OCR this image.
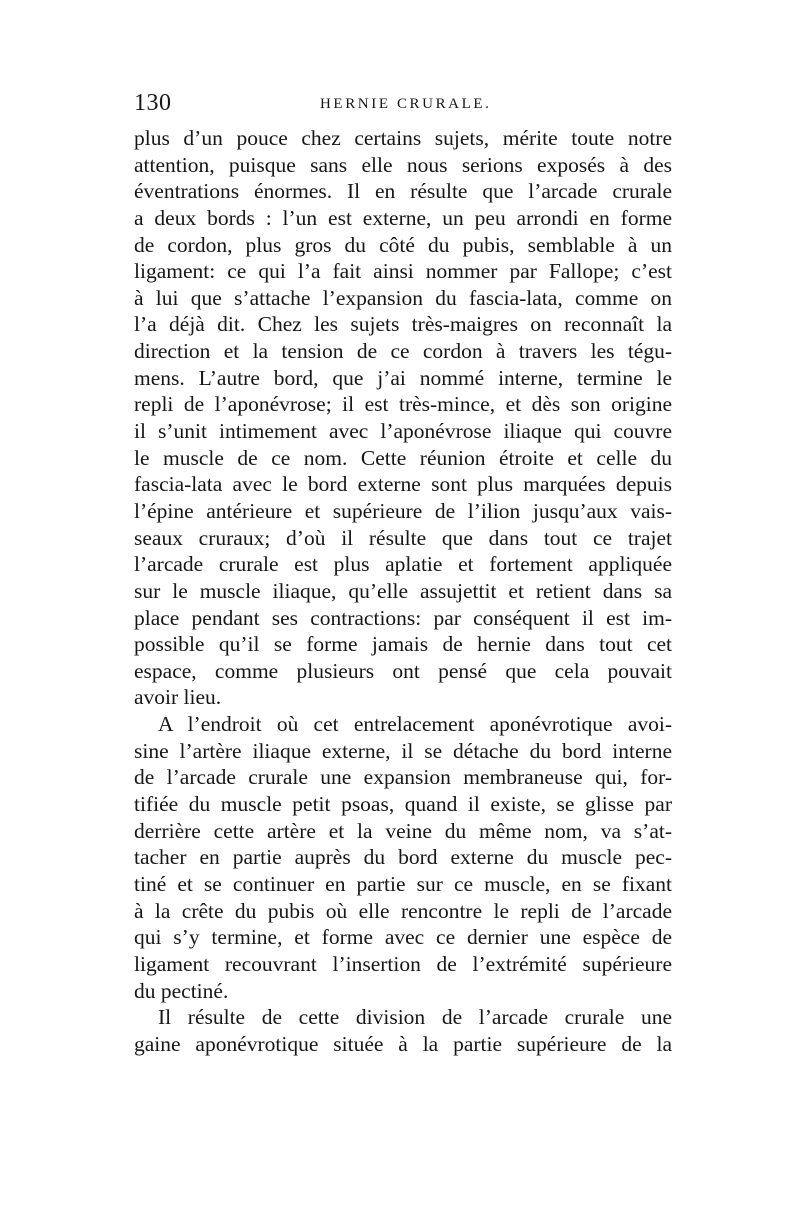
130	HERNIE CRURALE.
plus d’un pouce chez certains sujets, mérite toute notre
attention, puisque sans elle nous serions exposés à des
éventrations énormes. Il en résulte que l’arcade crurale
a deux bords : l’un est externe, un peu arrondi en forme
de cordon, plus gros du côté du pubis, semblable à un
ligament: ce qui l’a fait ainsi nommer par Fallope; c’est
à lui que s’attache l’expansion du fascia-lata, comme on
l’a déjà dit. Chez les sujets très-maigres on reconnaît la
direction et la tension de ce cordon à travers les tégu-
mens. L’autre bord, que j’ai nommé interne, termine le
repli de l’aponévrose; il est très-mince, et dès son origine
il s’unit intimement avec l’aponévrose iliaque qui couvre
le muscle de ce nom. Cette réunion étroite et celle du
fascia-lata avec le bord externe sont plus marquées depuis
l’épine antérieure et supérieure de l’ilion jusqu’aux vais-
seaux cruraux; d’où il résulte que dans tout ce trajet
l’arcade crurale est plus aplatie et fortement appliquée
sur le muscle iliaque, qu’elle assujettit et retient dans sa
place pendant ses contractions: par conséquent il est im-
possible qu’il se forme jamais de hernie dans tout cet
espace, comme plusieurs ont pensé que cela pouvait
avoir lieu.
A l’endroit où cet entrelacement aponévrotique avoi-
sine l’artère iliaque externe, il se détache du bord interne
de l’arcade crurale une expansion membraneuse qui, for-
tifiée du muscle petit psoas, quand il existe, se glisse par
derrière cette artère et la veine du même nom, va s’at-
tacher en partie auprès du bord externe du muscle pec-
tiné et se continuer en partie sur ce muscle, en se fixant
à la crête du pubis où elle rencontre le repli de l’arcade
qui s’y termine, et forme avec ce dernier une espèce de
ligament recouvrant l’insertion de l’extrémité supérieure
du pectiné.
Il résulte de cette division de l’arcade crurale une
gaine aponévrotique située à la partie supérieure de la
